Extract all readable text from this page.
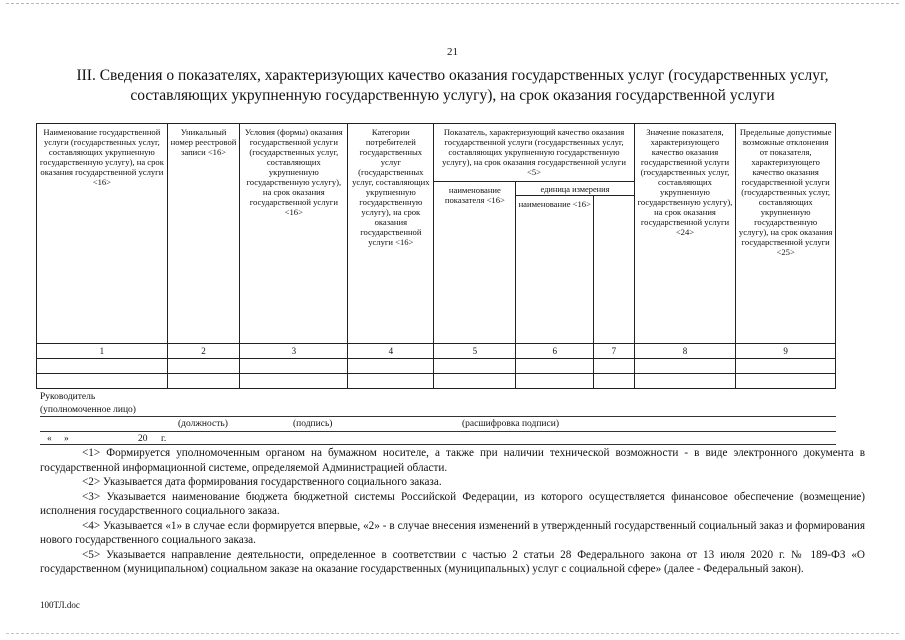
21
III. Сведения о показателях, характеризующих качество оказания государственных услуг (государственных услуг,
составляющих укрупненную государственную услугу), на срок оказания государственной услуги
Наименование государственной услуги (государственных услуг, составляющих укрупненную государственную услугу), на срок оказания государственной услуги <16>	Уникальный номер реестровой записи <16>	Условия (формы) оказания государственной услуги (государственных услуг, составляющих укрупненную государственную услугу), на срок оказания государственной услуги <16>	Категории потребителей государственных услуг (государственных услуг, составляющих укрупненную государственную услугу), на срок оказания государственной услуги <16>	Показатель, характеризующий качество оказания государственной услуги (государственных услуг, составляющих укрупненную государственную услугу), на срок оказания государственной услуги <5>			Значение показателя, характеризующего качество оказания государственной услуги (государственных услуг, составляющих укрупненную государственную услугу), на срок оказания государственной услуги <24>	Предельные допустимые возможные отклонения от показателя, характеризующего качество оказания государственной услуги (государственных услуг, составляющих укрупненную государственную услугу), на срок оказания государственной услуги <25>
				наименование показателя <16>	единица измерения			
					наименование <16>			
1	2	3	4	5	6	7	8	9

Руководитель
(уполномоченное лицо)
(должность)	(подпись)	(расшифровка подписи)
« »	20 г.

<1> Формируется уполномоченным органом на бумажном носителе, а также при наличии технической возможности - в виде электронного документа в государственной информационной системе, определяемой Администрацией области.

<2> Указывается дата формирования государственного социального заказа.

<3> Указывается наименование бюджета бюджетной системы Российской Федерации, из которого осуществляется финансовое обеспечение (возмещение) исполнения государственного социального заказа.

<4> Указывается «1» в случае если формируется впервые, «2» - в случае внесения изменений в утвержденный государственный социальный заказ и формирования нового государственного социального заказа.

<5> Указывается направление деятельности, определенное в соответствии с частью 2 статьи 28 Федерального закона от 13 июля 2020 г. № 189-ФЗ «О государственном (муниципальном) социальном заказе на оказание государственных (муниципальных) услуг с социальной сфере» (далее - Федеральный закон).

100ТЛ.doc
